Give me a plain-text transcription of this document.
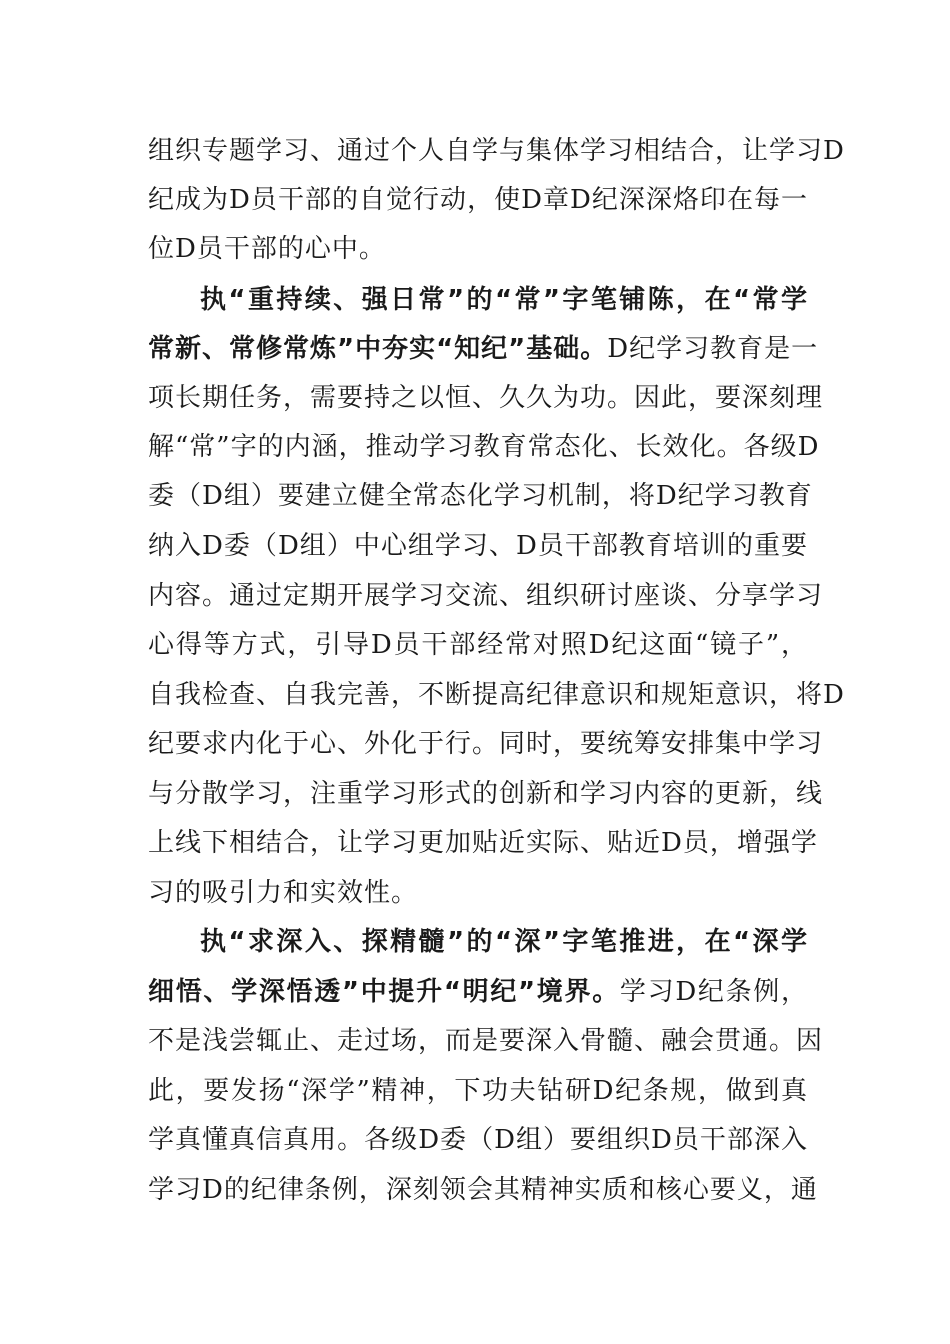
组织专题学习、通过个人自学与集体学习相结合，让学习D
纪成为D员干部的自觉行动，使D章D纪深深烙印在每一
位D员干部的心中。
执“重持续、强日常”的“常”字笔铺陈，在“常学
常新、常修常炼”中夯实“知纪”基础。D纪学习教育是一
项长期任务，需要持之以恒、久久为功。因此，要深刻理
解“常”字的内涵，推动学习教育常态化、长效化。各级D
委（D组）要建立健全常态化学习机制，将D纪学习教育
纳入D委（D组）中心组学习、D员干部教育培训的重要
内容。通过定期开展学习交流、组织研讨座谈、分享学习
心得等方式，引导D员干部经常对照D纪这面“镜子”，
自我检查、自我完善，不断提高纪律意识和规矩意识，将D
纪要求内化于心、外化于行。同时，要统筹安排集中学习
与分散学习，注重学习形式的创新和学习内容的更新，线
上线下相结合，让学习更加贴近实际、贴近D员，增强学
习的吸引力和实效性。
执“求深入、探精髓”的“深”字笔推进，在“深学
细悟、学深悟透”中提升“明纪”境界。学习D纪条例，
不是浅尝辄止、走过场，而是要深入骨髓、融会贯通。因
此，要发扬“深学”精神，下功夫钻研D纪条规，做到真
学真懂真信真用。各级D委（D组）要组织D员干部深入
学习D的纪律条例，深刻领会其精神实质和核心要义，通
